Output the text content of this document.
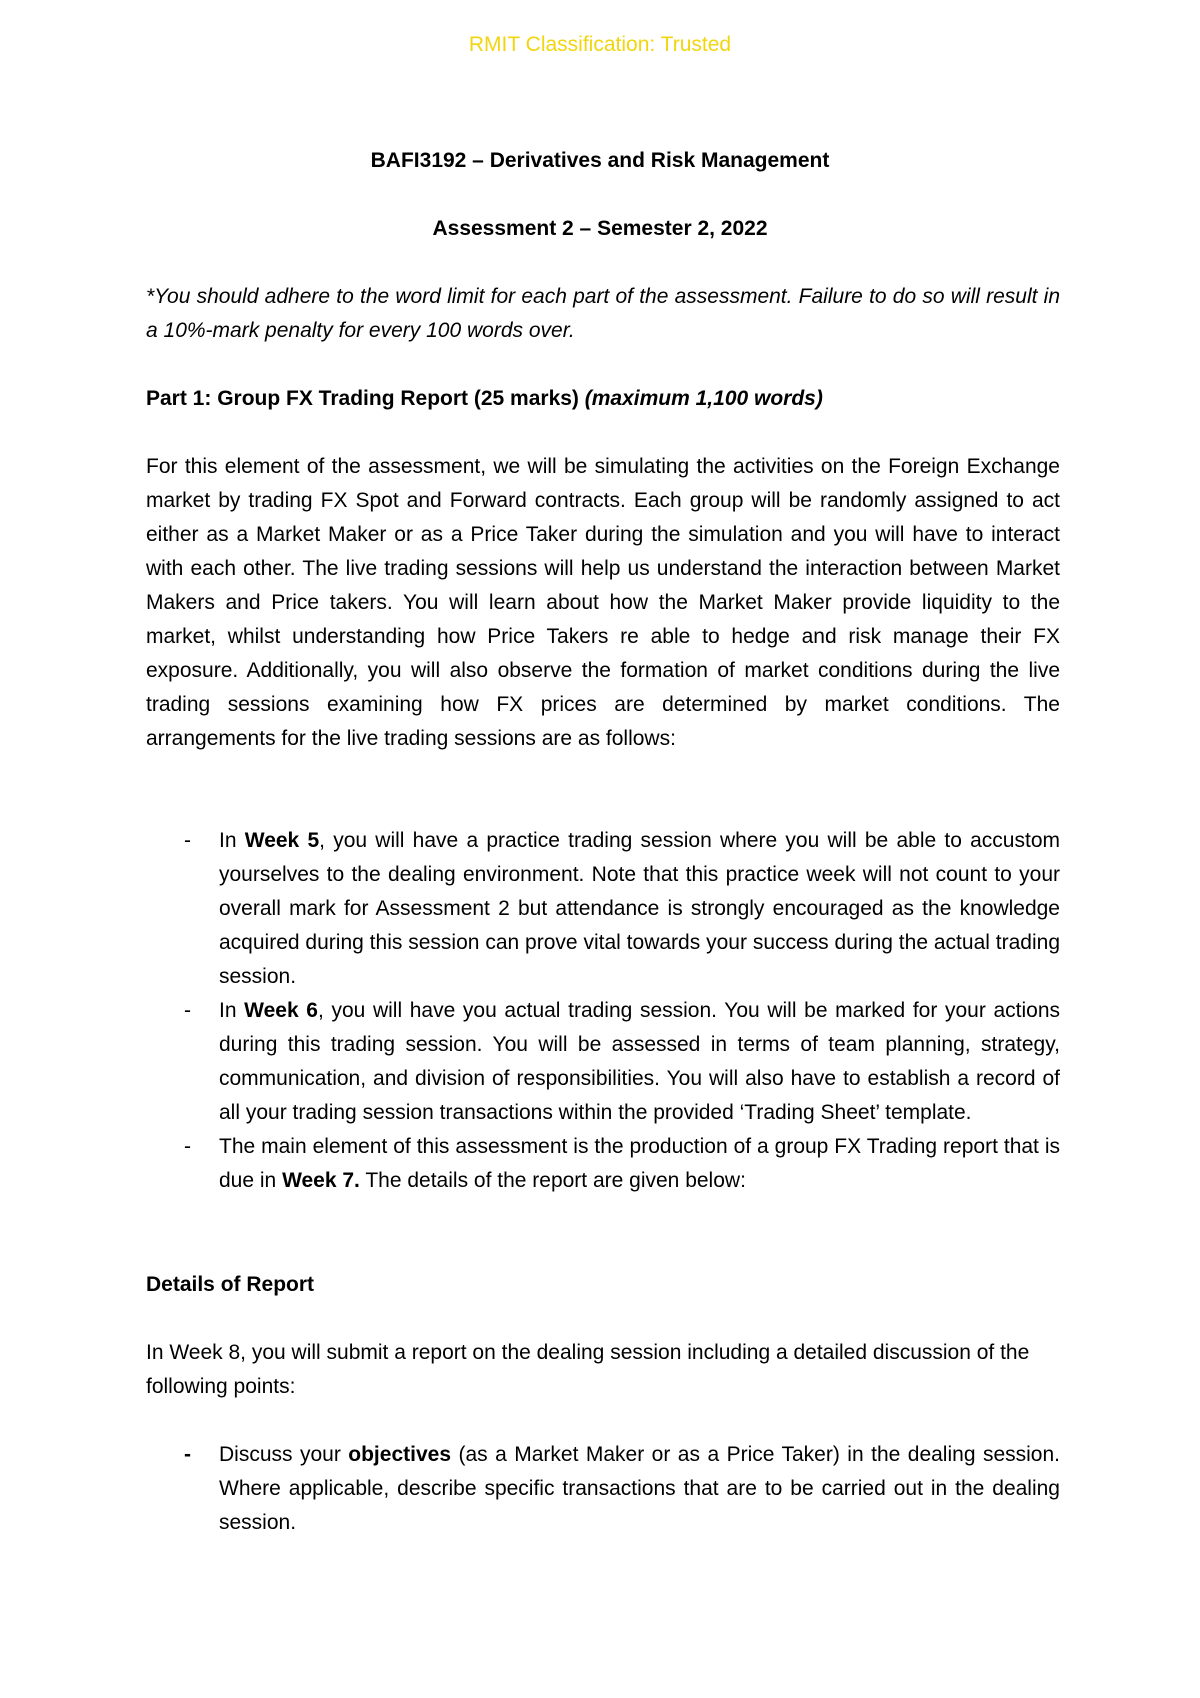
RMIT Classification: Trusted
BAFI3192 – Derivatives and Risk Management
Assessment 2 – Semester 2, 2022
*You should adhere to the word limit for each part of the assessment. Failure to do so will result in a 10%-mark penalty for every 100 words over.
Part 1: Group FX Trading Report (25 marks) (maximum 1,100 words)
For this element of the assessment, we will be simulating the activities on the Foreign Exchange market by trading FX Spot and Forward contracts. Each group will be randomly assigned to act either as a Market Maker or as a Price Taker during the simulation and you will have to interact with each other. The live trading sessions will help us understand the interaction between Market Makers and Price takers. You will learn about how the Market Maker provide liquidity to the market, whilst understanding how Price Takers re able to hedge and risk manage their FX exposure. Additionally, you will also observe the formation of market conditions during the live trading sessions examining how FX prices are determined by market conditions. The arrangements for the live trading sessions are as follows:
- In Week 5, you will have a practice trading session where you will be able to accustom yourselves to the dealing environment. Note that this practice week will not count to your overall mark for Assessment 2 but attendance is strongly encouraged as the knowledge acquired during this session can prove vital towards your success during the actual trading session.
- In Week 6, you will have you actual trading session. You will be marked for your actions during this trading session. You will be assessed in terms of team planning, strategy, communication, and division of responsibilities. You will also have to establish a record of all your trading session transactions within the provided ‘Trading Sheet’ template.
- The main element of this assessment is the production of a group FX Trading report that is due in Week 7. The details of the report are given below:
Details of Report
In Week 8, you will submit a report on the dealing session including a detailed discussion of the following points:
- Discuss your objectives (as a Market Maker or as a Price Taker) in the dealing session. Where applicable, describe specific transactions that are to be carried out in the dealing session.
